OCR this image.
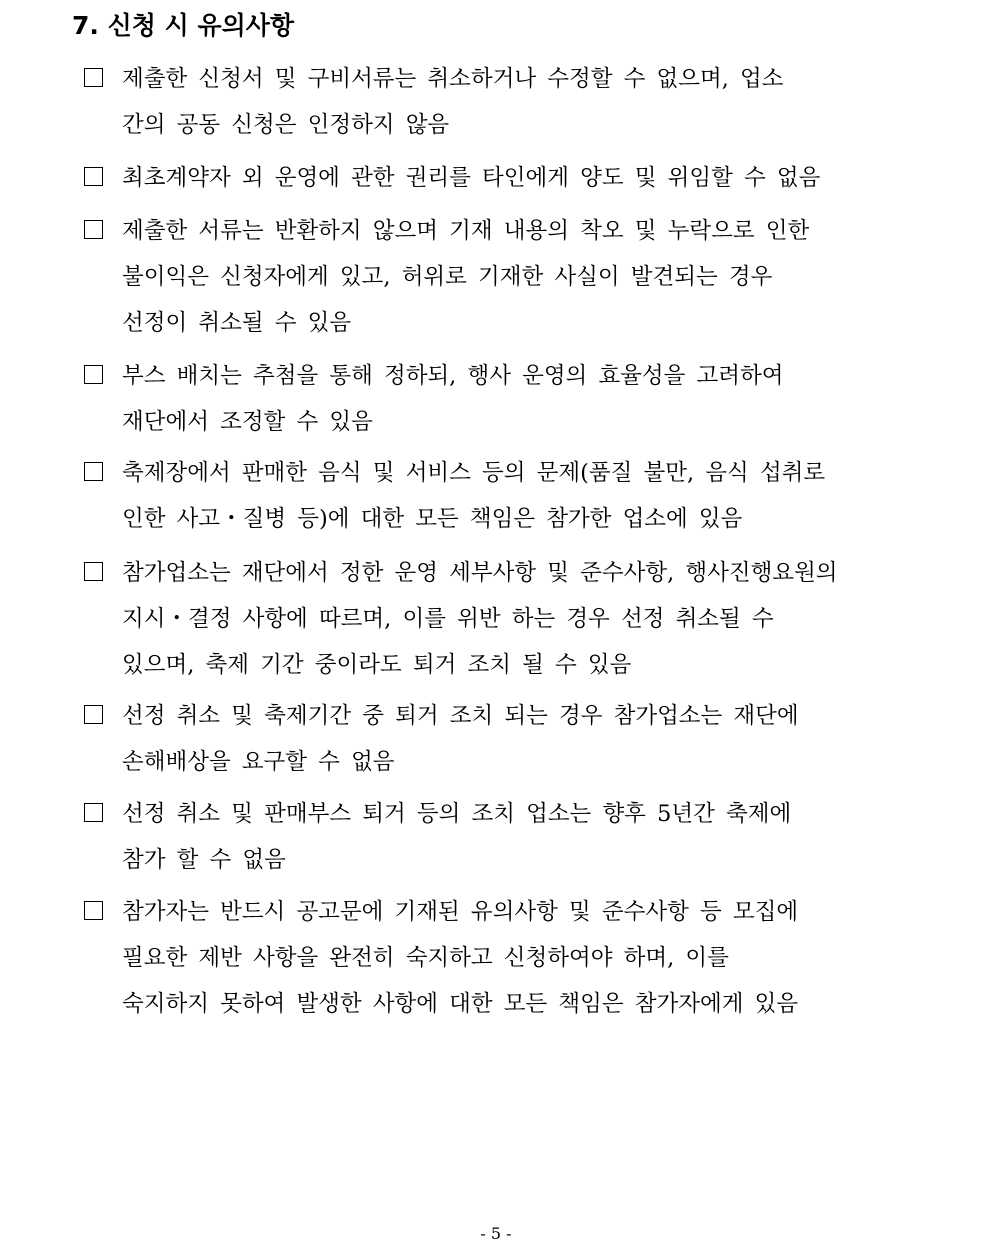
7. 신청 시 유의사항
제출한 신청서 및 구비서류는 취소하거나 수정할 수 없으며, 업소
간의 공동 신청은 인정하지 않음
최초계약자 외 운영에 관한 권리를 타인에게 양도 및 위임할 수 없음
제출한 서류는 반환하지 않으며 기재 내용의 착오 및 누락으로 인한
불이익은 신청자에게 있고, 허위로 기재한 사실이 발견되는 경우
선정이 취소될 수 있음
부스 배치는 추첨을 통해 정하되, 행사 운영의 효율성을 고려하여
재단에서 조정할 수 있음
축제장에서 판매한 음식 및 서비스 등의 문제(품질 불만, 음식 섭취로
인한 사고・질병 등)에 대한 모든 책임은 참가한 업소에 있음
참가업소는 재단에서 정한 운영 세부사항 및 준수사항, 행사진행요원의
지시・결정 사항에 따르며, 이를 위반 하는 경우 선정 취소될 수
있으며, 축제 기간 중이라도 퇴거 조치 될 수 있음
선정 취소 및 축제기간 중 퇴거 조치 되는 경우 참가업소는 재단에
손해배상을 요구할 수 없음
선정 취소 및 판매부스 퇴거 등의 조치 업소는 향후 5년간 축제에
참가 할 수 없음
참가자는 반드시 공고문에 기재된 유의사항 및 준수사항 등 모집에
필요한 제반 사항을 완전히 숙지하고 신청하여야 하며, 이를
숙지하지 못하여 발생한 사항에 대한 모든 책임은 참가자에게 있음
- 5 -
